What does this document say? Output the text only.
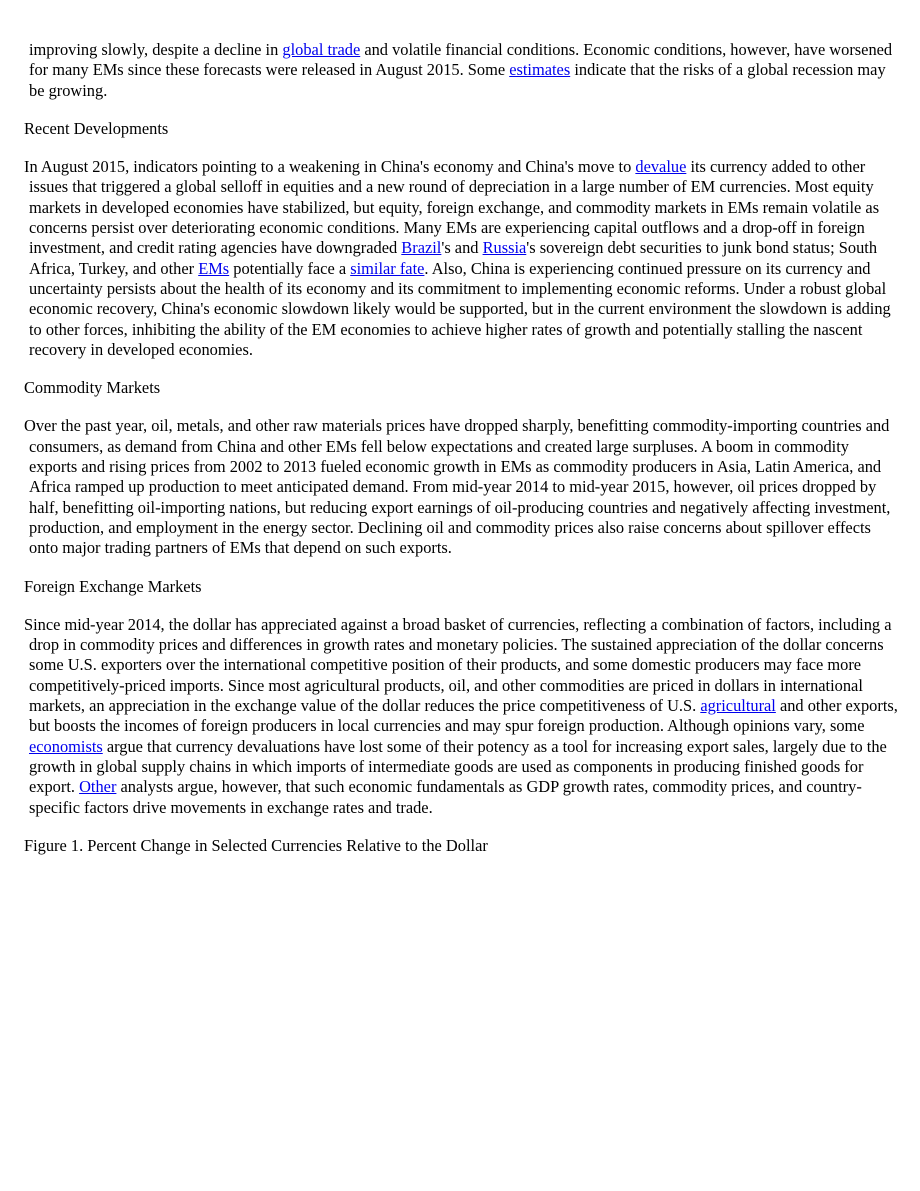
improving slowly, despite a decline in global trade and volatile financial conditions. Economic conditions, however, have worsened for many EMs since these forecasts were released in August 2015. Some estimates indicate that the risks of a global recession may be growing.

Recent Developments

In August 2015, indicators pointing to a weakening in China's economy and China's move to devalue its currency added to other issues that triggered a global selloff in equities and a new round of depreciation in a large number of EM currencies. Most equity markets in developed economies have stabilized, but equity, foreign exchange, and commodity markets in EMs remain volatile as concerns persist over deteriorating economic conditions. Many EMs are experiencing capital outflows and a drop-off in foreign investment, and credit rating agencies have downgraded Brazil's and Russia's sovereign debt securities to junk bond status; South Africa, Turkey, and other EMs potentially face a similar fate. Also, China is experiencing continued pressure on its currency and uncertainty persists about the health of its economy and its commitment to implementing economic reforms. Under a robust global economic recovery, China's economic slowdown likely would be supported, but in the current environment the slowdown is adding to other forces, inhibiting the ability of the EM economies to achieve higher rates of growth and potentially stalling the nascent recovery in developed economies.

Commodity Markets

Over the past year, oil, metals, and other raw materials prices have dropped sharply, benefitting commodity-importing countries and consumers, as demand from China and other EMs fell below expectations and created large surpluses. A boom in commodity exports and rising prices from 2002 to 2013 fueled economic growth in EMs as commodity producers in Asia, Latin America, and Africa ramped up production to meet anticipated demand. From mid-year 2014 to mid-year 2015, however, oil prices dropped by half, benefitting oil-importing nations, but reducing export earnings of oil-producing countries and negatively affecting investment, production, and employment in the energy sector. Declining oil and commodity prices also raise concerns about spillover effects onto major trading partners of EMs that depend on such exports.

Foreign Exchange Markets

Since mid-year 2014, the dollar has appreciated against a broad basket of currencies, reflecting a combination of factors, including a drop in commodity prices and differences in growth rates and monetary policies. The sustained appreciation of the dollar concerns some U.S. exporters over the international competitive position of their products, and some domestic producers may face more competitively-priced imports. Since most agricultural products, oil, and other commodities are priced in dollars in international markets, an appreciation in the exchange value of the dollar reduces the price competitiveness of U.S. agricultural and other exports, but boosts the incomes of foreign producers in local currencies and may spur foreign production. Although opinions vary, some economists argue that currency devaluations have lost some of their potency as a tool for increasing export sales, largely due to the growth in global supply chains in which imports of intermediate goods are used as components in producing finished goods for export. Other analysts argue, however, that such economic fundamentals as GDP growth rates, commodity prices, and country-specific factors drive movements in exchange rates and trade.

Figure 1. Percent Change in Selected Currencies Relative to the Dollar
